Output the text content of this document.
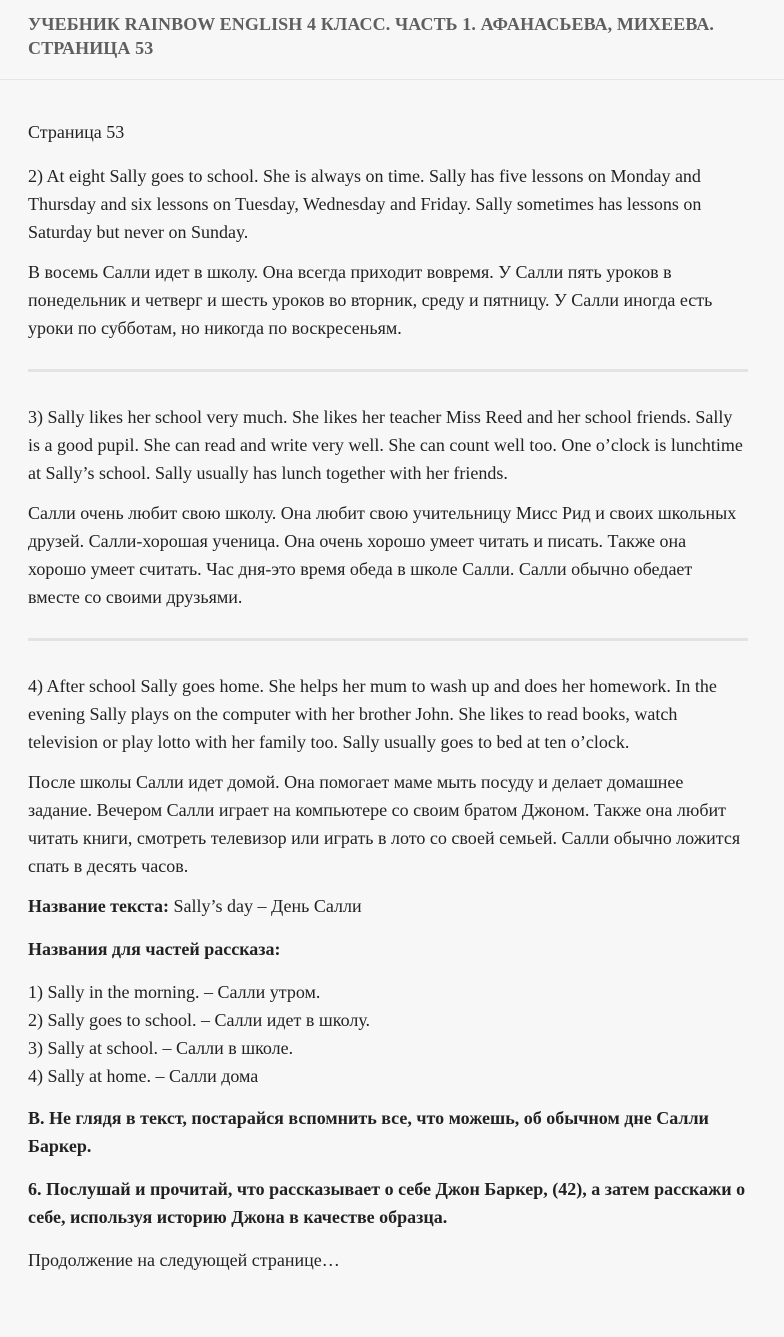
УЧЕБНИК RAINBOW ENGLISH 4 КЛАСС. ЧАСТЬ 1. АФАНАСЬЕВА, МИХЕЕВА. СТРАНИЦА 53

Страница 53

2) At eight Sally goes to school. She is always on time. Sally has five lessons on Monday and Thursday and six lessons on Tuesday, Wednesday and Friday. Sally sometimes has lessons on Saturday but never on Sunday.

В восемь Салли идет в школу. Она всегда приходит вовремя. У Салли пять уроков в понедельник и четверг и шесть уроков во вторник, среду и пятницу. У Салли иногда есть уроки по субботам, но никогда по воскресеньям.

3) Sally likes her school very much. She likes her teacher Miss Reed and her school friends. Sally is a good pupil. She can read and write very well. She can count well too. One o’clock is lunchtime at Sally’s school. Sally usually has lunch together with her friends.

Салли очень любит свою школу. Она любит свою учительницу Мисс Рид и своих школьных друзей. Салли-хорошая ученица. Она очень хорошо умеет читать и писать. Также она хорошо умеет считать. Час дня-это время обеда в школе Салли. Салли обычно обедает вместе со своими друзьями.

4) After school Sally goes home. She helps her mum to wash up and does her homework. In the evening Sally plays on the computer with her brother John. She likes to read books, watch television or play lotto with her family too. Sally usually goes to bed at ten o’clock.

После школы Салли идет домой. Она помогает маме мыть посуду и делает домашнее задание. Вечером Салли играет на компьютере со своим братом Джоном. Также она любит читать книги, смотреть телевизор или играть в лото со своей семьей. Салли обычно ложится спать в десять часов.

Название текста: Sally’s day – День Салли

Названия для частей рассказа:

1) Sally in the morning. – Салли утром.
2) Sally goes to school. – Салли идет в школу.
3) Sally at school. – Салли в школе.
4) Sally at home. – Салли дома

B. Не глядя в текст, постарайся вспомнить все, что можешь, об обычном дне Салли Баркер.

6. Послушай и прочитай, что рассказывает о себе Джон Баркер, (42), а затем расскажи о себе, используя историю Джона в качестве образца.

Продолжение на следующей странице…
